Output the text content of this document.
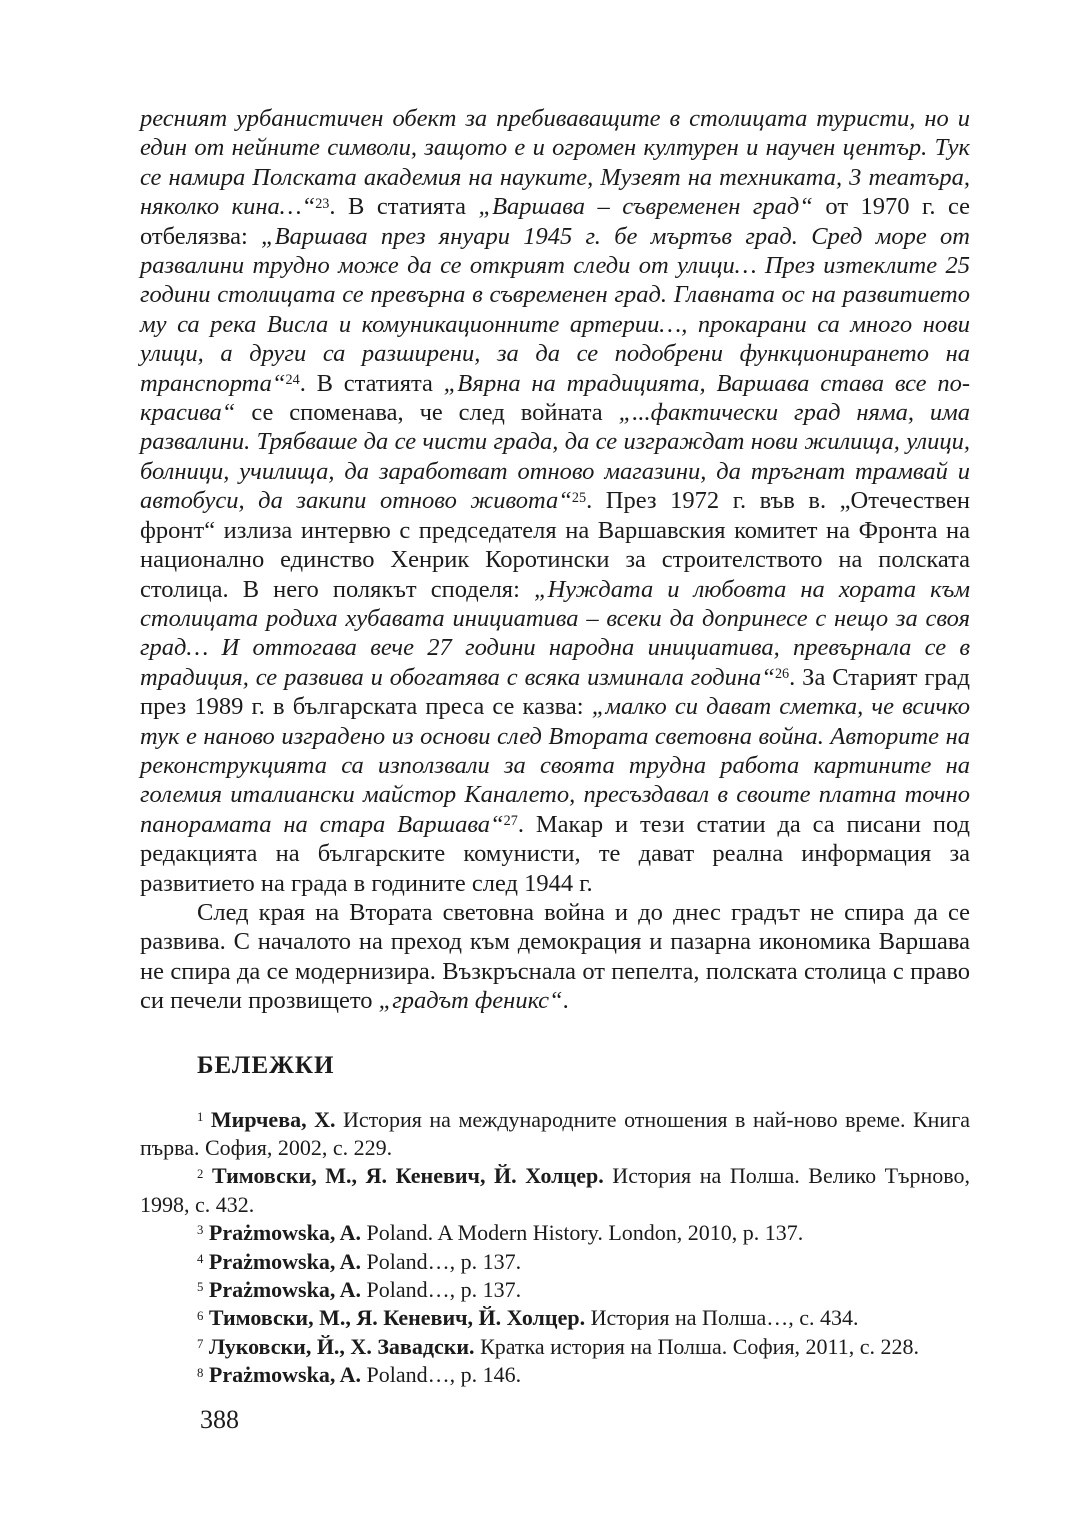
ресният урбанистичен обект за пребиваващите в столицата туристи, но и един от нейните символи, защото е и огромен културен и научен център. Тук се намира Полската академия на науките, Музеят на техниката, 3 театъра, няколко кина…“$^{23}$. В статията „Варшава – съвременен град“ от 1970 г. се отбелязва: „Варшава през януари 1945 г. бе мъртъв град. Сред море от развалини трудно може да се открият следи от улици… През изтеклите 25 години столицата се превърна в съвременен град. Главната ос на развитието му са река Висла и комуникационните артерии…, прокарани са много нови улици, а други са разширени, за да се подобрени функционирането на транспорта“$^{24}$. В статията „Вярна на традицията, Варшава става все по-красива“ се споменава, че след войната „...фактически град няма, има развалини. Трябваше да се чисти града, да се изграждат нови жилища, улици, болници, училища, да заработват отново магазини, да тръгнат трамвай и автобуси, да закипи отново живота“$^{25}$. През 1972 г. във в. „Отечествен фронт“ излиза интервю с председателя на Варшавския комитет на Фронта на национално единство Хенрик Коротински за строителството на полската столица. В него полякът споделя: „Нуждата и любовта на хората към столицата родиха хубавата инициатива – всеки да допринесе с нещо за своя град… И оттогава вече 27 години народна инициатива, превърнала се в традиция, се развива и обогатява с всяка изминала година“$^{26}$. За Старият град през 1989 г. в българската преса се казва: „малко си дават сметка, че всичко тук е наново изградено из основи след Втората световна война. Авторите на реконструкцията са използвали за своята трудна работа картините на големия италиански майстор Каналето, пресъздавал в своите платна точно панорамата на стара Варшава“$^{27}$. Макар и тези статии да са писани под редакцията на българските комунисти, те дават реална информация за развитието на града в годините след 1944 г.

След края на Втората световна война и до днес градът не спира да се развива. С началото на преход към демокрация и пазарна икономика Варшава не спира да се модернизира. Възкръснала от пепелта, полската столица с право си печели прозвището „градът феникс“.

БЕЛЕЖКИ

$^1$ Мирчева, Х. История на международните отношения в най-ново време. Книга първа. София, 2002, с. 229.

$^2$ Тимовски, М., Я. Кеневич, Й. Холцер. История на Полша. Велико Търново, 1998, с. 432.

$^3$ Prażmowska, A. Poland. A Modern History. London, 2010, p. 137.

$^4$ Prażmowska, A. Poland…, p. 137.

$^5$ Prażmowska, A. Poland…, p. 137.

$^6$ Тимовски, М., Я. Кеневич, Й. Холцер. История на Полша…, с. 434.

$^7$ Луковски, Й., Х. Завадски. Кратка история на Полша. София, 2011, с. 228.

$^8$ Prażmowska, A. Poland…, p. 146.

388
